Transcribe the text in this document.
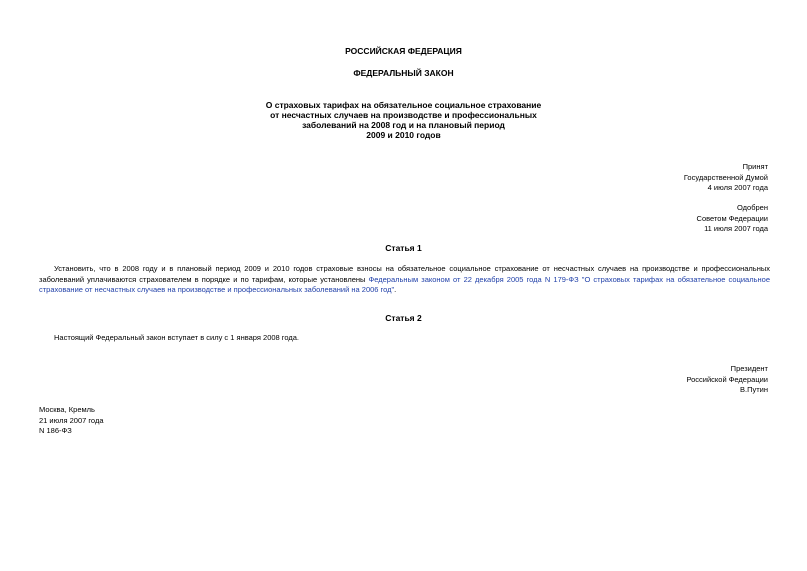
РОССИЙСКАЯ ФЕДЕРАЦИЯ
ФЕДЕРАЛЬНЫЙ ЗАКОН
О страховых тарифах на обязательное социальное страхование
от несчастных случаев на производстве и профессиональных
заболеваний на 2008 год и на плановый период
2009 и 2010 годов
Принят
Государственной Думой
4 июля 2007 года
Одобрен
Советом Федерации
11 июля 2007 года
Статья 1
Установить, что в 2008 году и в плановый период 2009 и 2010 годов страховые взносы на обязательное социальное страхование от несчастных случаев на производстве и профессиональных заболеваний уплачиваются страхователем в порядке и по тарифам, которые установлены Федеральным законом от 22 декабря 2005 года N 179-ФЗ "О страховых тарифах на обязательное социальное страхование от несчастных случаев на производстве и профессиональных заболеваний на 2006 год".
Статья 2
Настоящий Федеральный закон вступает в силу с 1 января 2008 года.
Президент
Российской Федерации
В.Путин
Москва, Кремль
21 июля 2007 года
N 186-ФЗ
